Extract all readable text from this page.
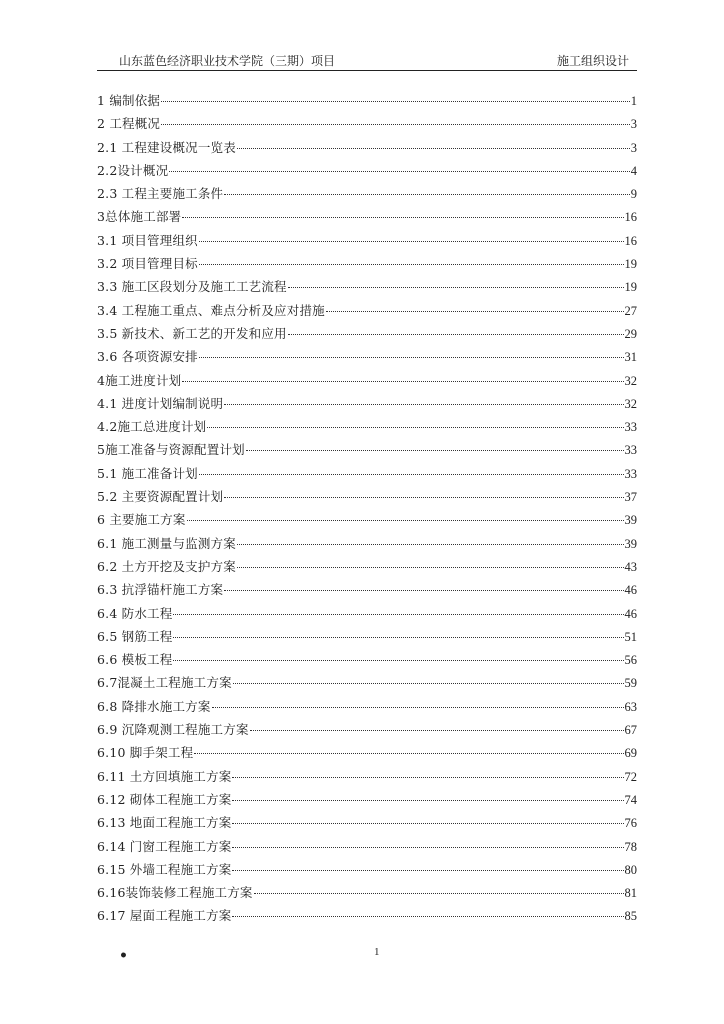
山东蓝色经济职业技术学院（三期）项目	施工组织设计
1 编制依据	1
2 工程概况	3
2.1 工程建设概况一览表	3
2.2设计概况	4
2.3 工程主要施工条件	9
3总体施工部署	16
3.1 项目管理组织	16
3.2 项目管理目标	19
3.3 施工区段划分及施工工艺流程	19
3.4 工程施工重点、难点分析及应对措施	27
3.5 新技术、新工艺的开发和应用	29
3.6 各项资源安排	31
4施工进度计划	32
4.1 进度计划编制说明	32
4.2施工总进度计划	33
5施工准备与资源配置计划	33
5.1 施工准备计划	33
5.2 主要资源配置计划	37
6 主要施工方案	39
6.1 施工测量与监测方案	39
6.2 土方开挖及支护方案	43
6.3 抗浮锚杆施工方案	46
6.4 防水工程	46
6.5 钢筋工程	51
6.6 模板工程	56
6.7混凝土工程施工方案	59
6.8 降排水施工方案	63
6.9 沉降观测工程施工方案	67
6.10 脚手架工程	69
6.11 土方回填施工方案	72
6.12 砌体工程施工方案	74
6.13 地面工程施工方案	76
6.14 门窗工程施工方案	78
6.15 外墙工程施工方案	80
6.16装饰装修工程施工方案	81
6.17 屋面工程施工方案	85
•	1
